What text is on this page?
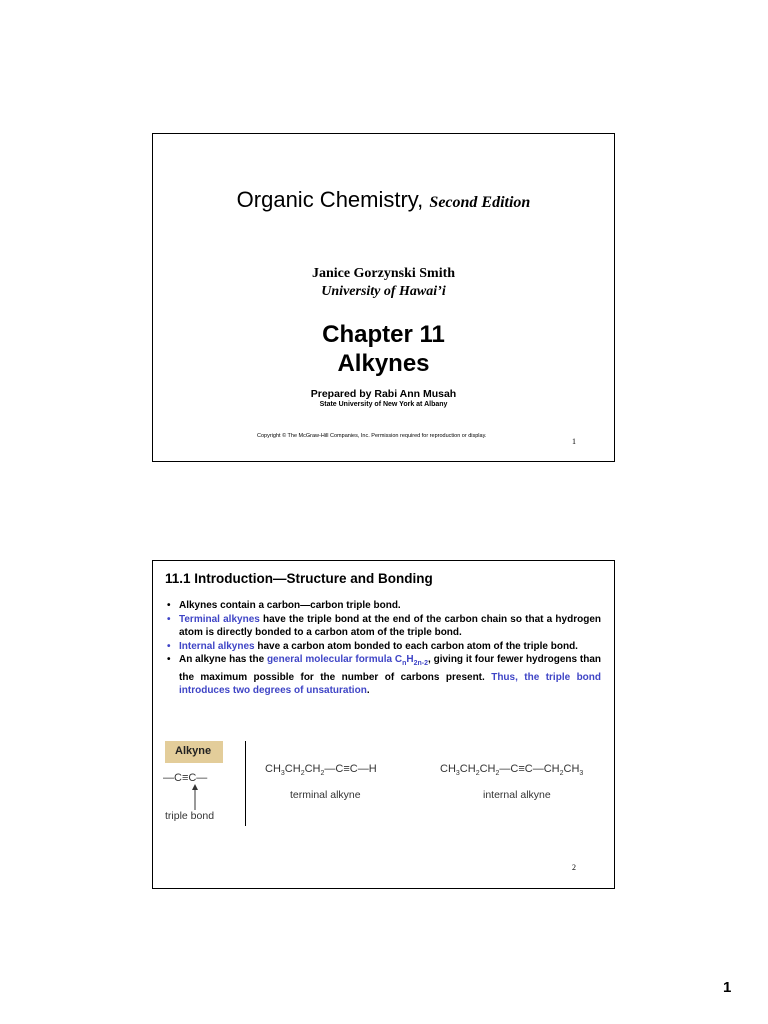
Organic Chemistry, Second Edition
Janice Gorzynski Smith
University of Hawai’i
Chapter 11
Alkynes
Prepared by Rabi Ann Musah
State University of New York at Albany
Copyright © The McGraw-Hill Companies, Inc. Permission required for reproduction or display.
1
11.1 Introduction—Structure and Bonding
• Alkynes contain a carbon—carbon triple bond.
• Terminal alkynes have the triple bond at the end of the carbon chain so that a hydrogen atom is directly bonded to a carbon atom of the triple bond.
• Internal alkynes have a carbon atom bonded to each carbon atom of the triple bond.
• An alkyne has the general molecular formula $C_nH_{2n-2}$, giving it four fewer hydrogens than the maximum possible for the number of carbons present. Thus, the triple bond introduces two degrees of unsaturation.
Alkyne
—C≡C—
triple bond
$CH_3CH_2CH_2—C\equiv C—H$
terminal alkyne
$CH_3CH_2CH_2—C\equiv C—CH_2CH_3$
internal alkyne
2
1
